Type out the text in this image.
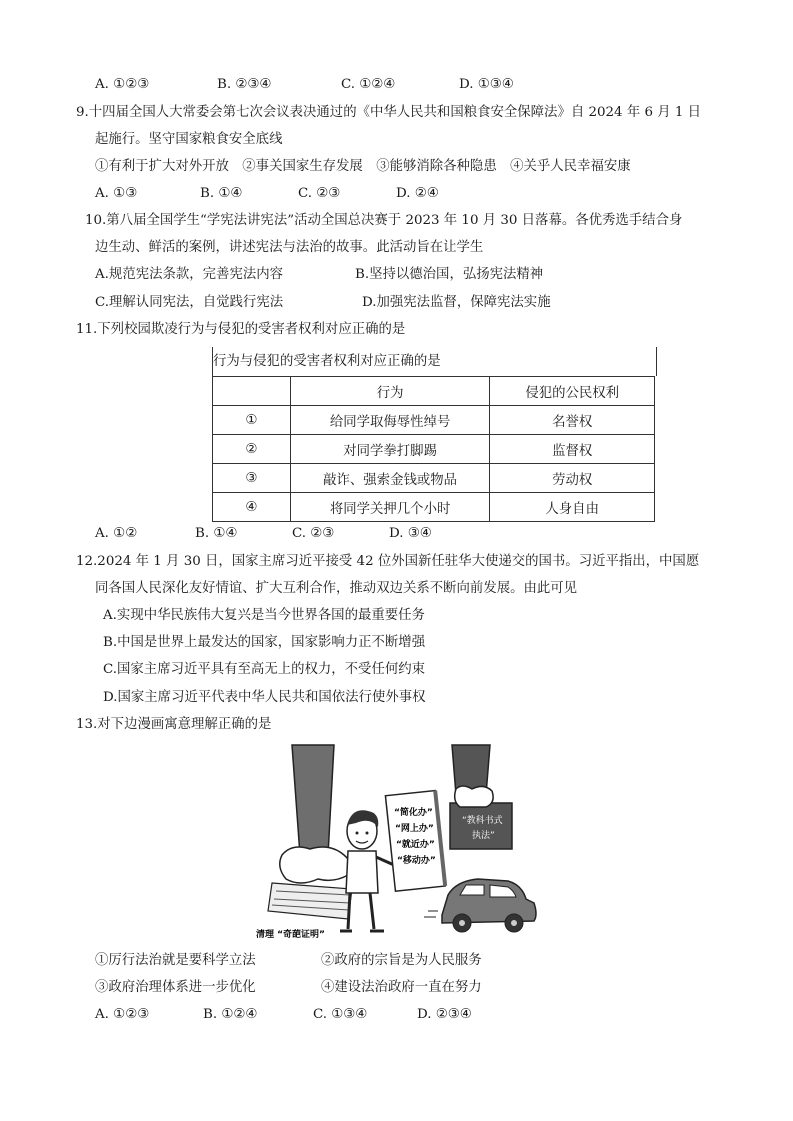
A. ①②③	B. ②③④	C. ①②④	D. ①③④
9.十四届全国人大常委会第七次会议表决通过的《中华人民共和国粮食安全保障法》自 2024 年 6 月 1 日
起施行。坚守国家粮食安全底线
①有利于扩大对外开放　②事关国家生存发展　③能够消除各种隐患　④关乎人民幸福安康
A. ①③	B. ①④	C. ②③	D. ②④
10.第八届全国学生“学宪法讲宪法”活动全国总决赛于 2023 年 10 月 30 日落幕。各优秀选手结合身
边生动、鲜活的案例，讲述宪法与法治的故事。此活动旨在让学生
A.规范宪法条款，完善宪法内容	B.坚持以德治国，弘扬宪法精神
C.理解认同宪法，自觉践行宪法	D.加强宪法监督，保障宪法实施
11.下列校园欺凌行为与侵犯的受害者权利对应正确的是
行为与侵犯的受害者权利对应正确的是
	行为	侵犯的公民权利
①	给同学取侮辱性绰号	名誉权
②	对同学拳打脚踢	监督权
③	敲诈、强索金钱或物品	劳动权
④	将同学关押几个小时	人身自由
A. ①②	B. ①④	C. ②③	D. ③④
12.2024 年 1 月 30 日，国家主席习近平接受 42 位外国新任驻华大使递交的国书。习近平指出，中国愿
同各国人民深化友好情谊、扩大互利合作，推动双边关系不断向前发展。由此可见
A.实现中华民族伟大复兴是当今世界各国的最重要任务
B.中国是世界上最发达的国家，国家影响力正不断增强
C.国家主席习近平具有至高无上的权力，不受任何约束
D.国家主席习近平代表中华人民共和国依法行使外事权
13.对下边漫画寓意理解正确的是
“简化办”
“网上办”
“就近办”
“移动办”
“教科书式
执法”
清理 “奇葩证明”
①厉行法治就是要科学立法	②政府的宗旨是为人民服务
③政府治理体系进一步优化	④建设法治政府一直在努力
A. ①②③	B. ①②④	C. ①③④	D. ②③④
